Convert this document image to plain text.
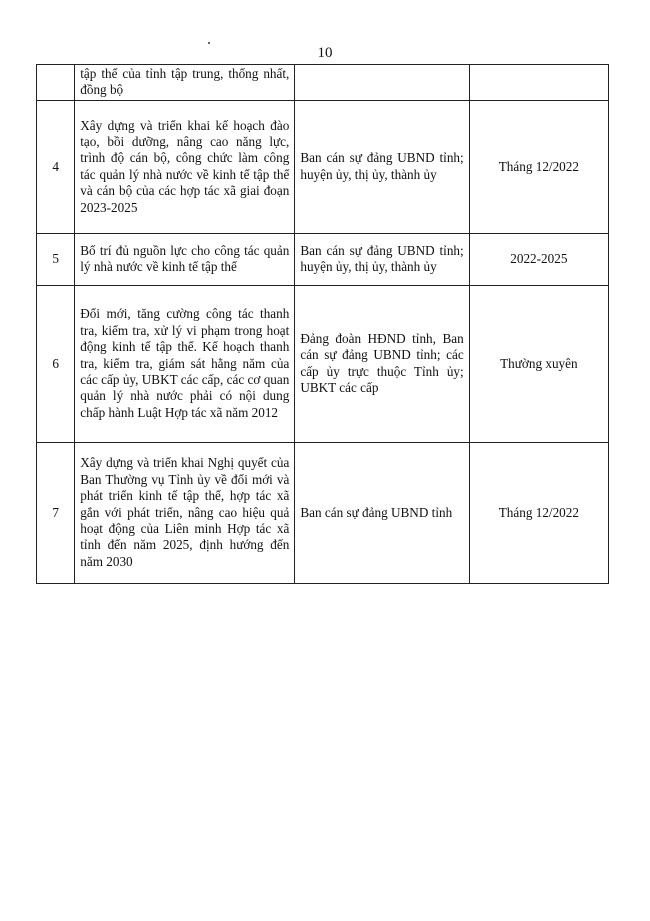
10
	tập thể của tỉnh tập trung, thống nhất, đồng bộ		
4	Xây dựng và triển khai kế hoạch đào tạo, bồi dưỡng, nâng cao năng lực, trình độ cán bộ, công chức làm công tác quản lý nhà nước về kinh tế tập thể và cán bộ của các hợp tác xã giai đoạn 2023-2025	Ban cán sự đảng UBND tỉnh; huyện ủy, thị ủy, thành ủy	Tháng 12/2022
5	Bố trí đủ nguồn lực cho công tác quản lý nhà nước về kinh tế tập thể	Ban cán sự đảng UBND tỉnh; huyện ủy, thị ủy, thành ủy	2022-2025
6	Đổi mới, tăng cường công tác thanh tra, kiểm tra, xử lý vi phạm trong hoạt động kinh tế tập thể. Kế hoạch thanh tra, kiểm tra, giám sát hằng năm của các cấp ủy, UBKT các cấp, các cơ quan quản lý nhà nước phải có nội dung chấp hành Luật Hợp tác xã năm 2012	Đảng đoàn HĐND tỉnh, Ban cán sự đảng UBND tỉnh; các cấp ủy trực thuộc Tỉnh ủy; UBKT các cấp	Thường xuyên
7	Xây dựng và triển khai Nghị quyết của Ban Thường vụ Tỉnh ủy về đổi mới và phát triển kinh tế tập thể, hợp tác xã gắn với phát triển, nâng cao hiệu quả hoạt động của Liên minh Hợp tác xã tỉnh đến năm 2025, định hướng đến năm 2030	Ban cán sự đảng UBND tỉnh	Tháng 12/2022
